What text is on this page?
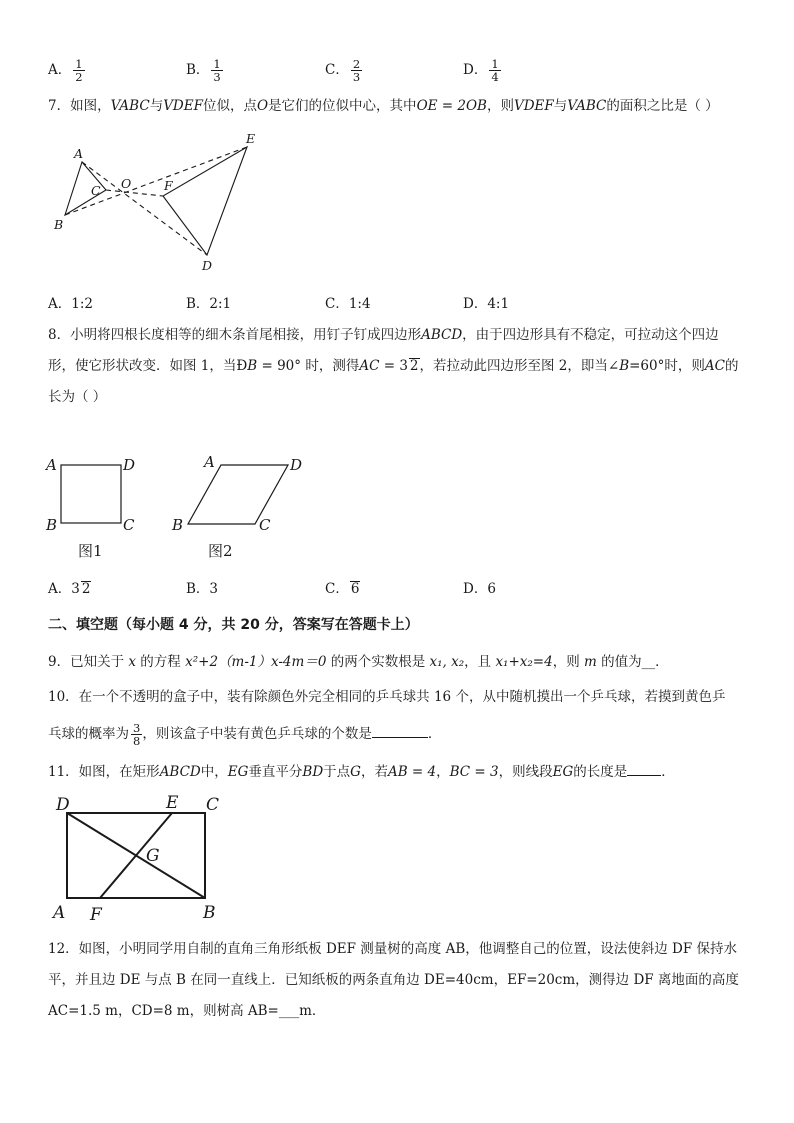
A． $\frac{1}{2}$	B． $\frac{1}{3}$	C． $\frac{2}{3}$	D． $\frac{1}{4}$
7．如图，VABC与VDEF位似，点O是它们的位似中心，其中OE = 2OB，则VDEF与VABC的面积之比是（ ）
A
B
C O	F
E
D
A．1:2	B．2:1	C．1:4	D．4:1
8．小明将四根长度相等的细木条首尾相接，用钉子钉成四边形ABCD，由于四边形具有不稳定，可拉动这个四边
形，使它形状改变．如图 1，当ÐB = 90° 时，测得AC = 3 2，若拉动此四边形至图 2，即当∠B=60°时，则AC的
长为（ ）
A	D
B	C
A	D
B	C
图1	图2
A．3 2	B．3	C． 6	D．6
二、填空题（每小题 4 分，共 20 分，答案写在答题卡上）
9．已知关于 x 的方程 x²+2（m-1）x-4m＝0 的两个实数根是 x₁, x₂，且 x₁+x₂=4，则 m 的值为__．
10．在一个不透明的盒子中，装有除颜色外完全相同的乒乓球共 16 个，从中随机摸出一个乒乓球，若摸到黄色乒
乓球的概率为 $\frac{3}{8}$ ，则该盒子中装有黄色乒乓球的个数是	．
11．如图，在矩形ABCD中，EG垂直平分BD于点G，若AB = 4，BC = 3，则线段EG的长度是	．
D	E C
G
A F	B
12．如图，小明同学用自制的直角三角形纸板 DEF 测量树的高度 AB，他调整自己的位置，设法使斜边 DF 保持水
平，并且边 DE 与点 B 在同一直线上．已知纸板的两条直角边 DE=40cm，EF=20cm，测得边 DF 离地面的高度
AC=1.5 m，CD=8 m，则树高 AB=___m．
